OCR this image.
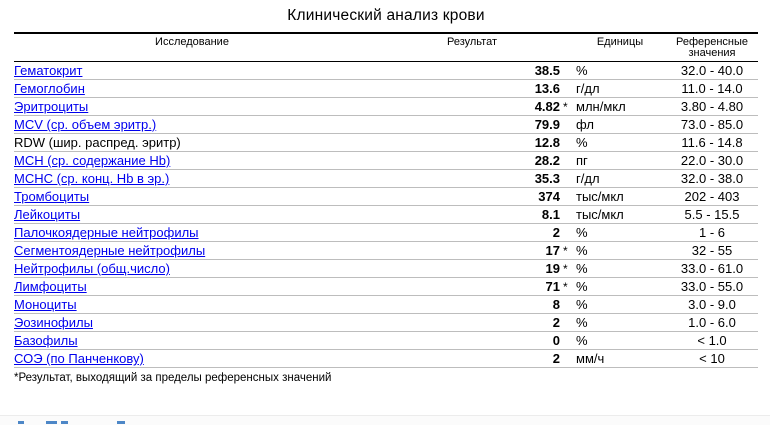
Клинический анализ крови
Исследование	Результат		Единицы	Референсные значения
Гематокрит	38.5		%	32.0 - 40.0
Гемоглобин	13.6		г/дл	11.0 - 14.0
Эритроциты	4.82	*	млн/мкл	3.80 - 4.80
MCV (ср. объем эритр.)	79.9		фл	73.0 - 85.0
RDW (шир. распред. эритр)	12.8		%	11.6 - 14.8
MCH (ср. содержание Hb)	28.2		пг	22.0 - 30.0
MCHC (ср. конц. Hb в эр.)	35.3		г/дл	32.0 - 38.0
Тромбоциты	374		тыс/мкл	202 - 403
Лейкоциты	8.1		тыс/мкл	5.5 - 15.5
Палочкоядерные нейтрофилы	2		%	1 - 6
Сегментоядерные нейтрофилы	17	*	%	32 - 55
Нейтрофилы (общ.число)	19	*	%	33.0 - 61.0
Лимфоциты	71	*	%	33.0 - 55.0
Моноциты	8		%	3.0 - 9.0
Эозинофилы	2		%	1.0 - 6.0
Базофилы	0		%	< 1.0
СОЭ (по Панченкову)	2		мм/ч	< 10

*Результат, выходящий за пределы референсных значений
